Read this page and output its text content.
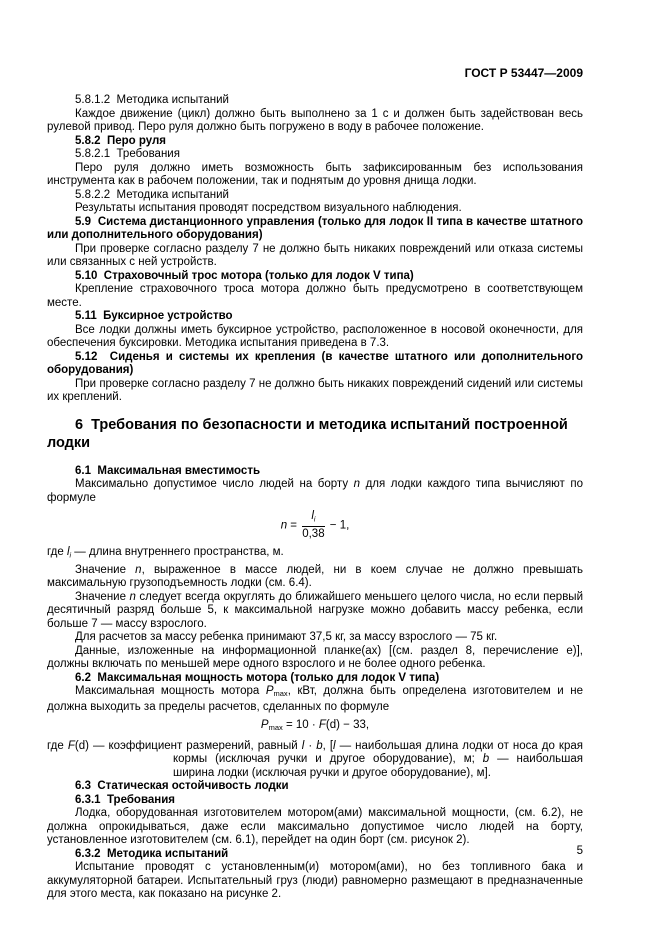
ГОСТ Р 53447—2009

5.8.1.2  Методика испытаний

Каждое движение (цикл) должно быть выполнено за 1 с и должен быть задействован весь рулевой привод. Перо руля должно быть погружено в воду в рабочее положение.

5.8.2  Перо руля

5.8.2.1  Требования

Перо руля должно иметь возможность быть зафиксированным без использования инструмента как в рабочем положении, так и поднятым до уровня днища лодки.

5.8.2.2  Методика испытаний

Результаты испытания проводят посредством визуального наблюдения.

5.9  Система дистанционного управления (только для лодок II типа в качестве штатного или дополнительного оборудования)

При проверке согласно разделу 7 не должно быть никаких повреждений или отказа системы или связанных с ней устройств.

5.10  Страховочный трос мотора (только для лодок V типа)

Крепление страховочного троса мотора должно быть предусмотрено в соответствующем месте.

5.11  Буксирное устройство

Все лодки должны иметь буксирное устройство, расположенное в носовой оконечности, для обеспечения буксировки. Методика испытания приведена в 7.3.

5.12  Сиденья и системы их крепления (в качестве штатного или дополнительного оборудования)

При проверке согласно разделу 7 не должно быть никаких повреждений сидений или системы их креплений.

6  Требования по безопасности и методика испытаний построенной лодки

6.1  Максимальная вместимость

Максимально допустимое число людей на борту n для лодки каждого типа вычисляют по формуле

$n = \frac{l_i}{0,38} - 1$,

где $l_i$ — длина внутреннего пространства, м.

Значение n, выраженное в массе людей, ни в коем случае не должно превышать максимальную грузоподъемность лодки (см. 6.4).

Значение n следует всегда округлять до ближайшего меньшего целого числа, но если первый десятичный разряд больше 5, к максимальной нагрузке можно добавить массу ребенка, если больше 7 — массу взрослого.

Для расчетов за массу ребенка принимают 37,5 кг, за массу взрослого — 75 кг.

Данные, изложенные на информационной планке(ах) [(см. раздел 8, перечисление е)], должны включать по меньшей мере одного взрослого и не более одного ребенка.

6.2  Максимальная мощность мотора (только для лодок V типа)

Максимальная мощность мотора $P_{max}$, кВт, должна быть определена изготовителем и не должна выходить за пределы расчетов, сделанных по формуле

$P_{max} = 10 \cdot F(d) - 33$,

где F(d) — коэффициент размерений, равный l · b, [l — наибольшая длина лодки от носа до края кормы (исключая ручки и другое оборудование), м; b — наибольшая ширина лодки (исключая ручки и другое оборудование), м].

6.3  Статическая остойчивость лодки

6.3.1  Требования

Лодка, оборудованная изготовителем мотором(ами) максимальной мощности, (см. 6.2), не должна опрокидываться, даже если максимально допустимое число людей на борту, установленное изготовителем (см. 6.1), перейдет на один борт (см. рисунок 2).

6.3.2  Методика испытаний

Испытание проводят с установленным(и) мотором(ами), но без топливного бака и аккумуляторной батареи. Испытательный груз (люди) равномерно размещают в предназначенные для этого места, как показано на рисунке 2.

5
